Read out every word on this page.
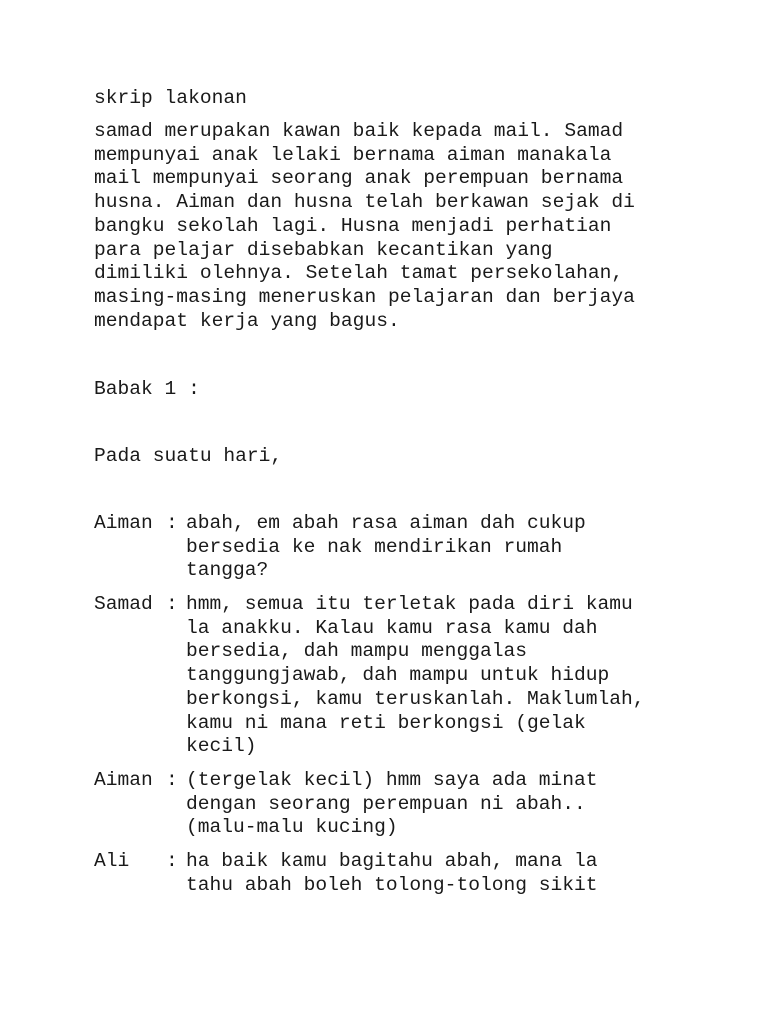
skrip lakonan
samad merupakan kawan baik kepada mail. Samad
mempunyai anak lelaki bernama aiman manakala
mail mempunyai seorang anak perempuan bernama
husna. Aiman dan husna telah berkawan sejak di
bangku sekolah lagi. Husna menjadi perhatian
para pelajar disebabkan kecantikan yang
dimiliki olehnya. Setelah tamat persekolahan,
masing-masing meneruskan pelajaran dan berjaya
mendapat kerja yang bagus.
Babak 1 :
Pada suatu hari,
Aiman : abah, em abah rasa aiman dah cukup
bersedia ke nak mendirikan rumah
tangga?
Samad : hmm, semua itu terletak pada diri kamu
la anakku. Kalau kamu rasa kamu dah
bersedia, dah mampu menggalas
tanggungjawab, dah mampu untuk hidup
berkongsi, kamu teruskanlah. Maklumlah,
kamu ni mana reti berkongsi (gelak
kecil)
Aiman : (tergelak kecil) hmm saya ada minat
dengan seorang perempuan ni abah..
(malu-malu kucing)
Ali : ha baik kamu bagitahu abah, mana la
tahu abah boleh tolong-tolong sikit
